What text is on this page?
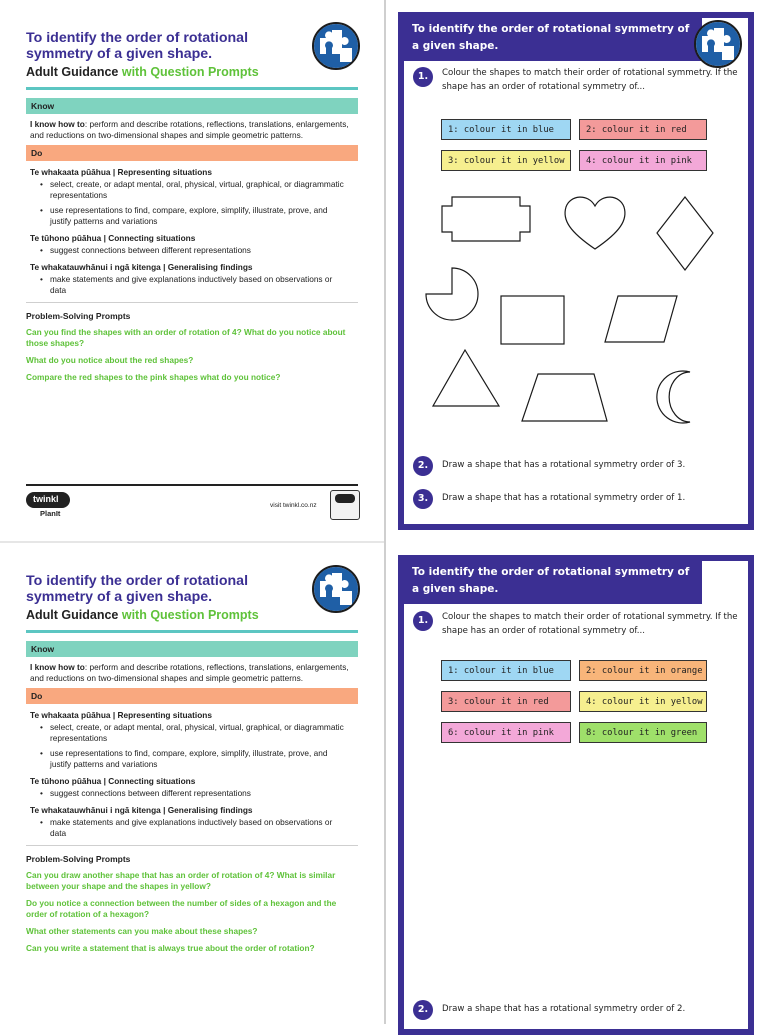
To identify the order of rotational symmetry of a given shape.
Adult Guidance with Question Prompts
Know
I know how to: perform and describe rotations, reflections, translations, enlargements, and reductions on two-dimensional shapes and simple geometric patterns.
Do
Te whakaata pūāhua | Representing situations
• select, create, or adapt mental, oral, physical, virtual, graphical, or diagrammatic representations
• use representations to find, compare, explore, simplify, illustrate, prove, and justify patterns and variations
Te tūhono pūāhua | Connecting situations
• suggest connections between different representations
Te whakatauwhānui i ngā kitenga | Generalising findings
• make statements and give explanations inductively based on observations or data
Problem-Solving Prompts
Can you find the shapes with an order of rotation of 4? What do you notice about those shapes?
What do you notice about the red shapes?
Compare the red shapes to the pink shapes what do you notice?
twinkl
PlanIt
visit twinkl.co.nz
To identify the order of rotational symmetry of a given shape.
Adult Guidance with Question Prompts
Know
I know how to: perform and describe rotations, reflections, translations, enlargements, and reductions on two-dimensional shapes and simple geometric patterns.
Do
Te whakaata pūāhua | Representing situations
• select, create, or adapt mental, oral, physical, virtual, graphical, or diagrammatic representations
• use representations to find, compare, explore, simplify, illustrate, prove, and justify patterns and variations
Te tūhono pūāhua | Connecting situations
• suggest connections between different representations
Te whakatauwhānui i ngā kitenga | Generalising findings
• make statements and give explanations inductively based on observations or data
Problem-Solving Prompts
Can you draw another shape that has an order of rotation of 4? What is similar between your shape and the shapes in yellow?
Do you notice a connection between the number of sides of a hexagon and the order of rotation of a hexagon?
What other statements can you make about these shapes?
Can you write a statement that is always true about the order of rotation?
To identify the order of rotational symmetry of a given shape.
1.	Colour the shapes to match their order of rotational symmetry. If the shape has an order of rotational symmetry of...
1: colour it in blue	2: colour it in red
3: colour it in yellow	4: colour it in pink
2.	Draw a shape that has a rotational symmetry order of 3.
3.	Draw a shape that has a rotational symmetry order of 1.
To identify the order of rotational symmetry of a given shape.
1.	Colour the shapes to match their order of rotational symmetry. If the shape has an order of rotational symmetry of...
1: colour it in blue	2: colour it in orange
3: colour it in red	4: colour it in yellow
6: colour it in pink	8: colour it in green
2.	Draw a shape that has a rotational symmetry order of 2.
